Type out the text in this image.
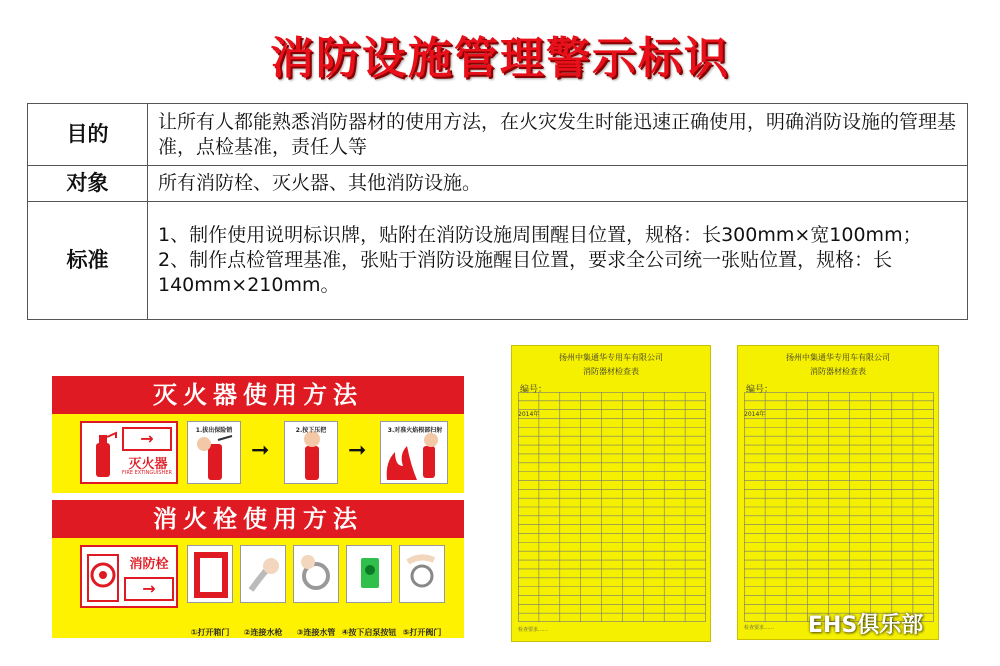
消防设施管理警示标识
目的	让所有人都能熟悉消防器材的使用方法，在火灾发生时能迅速正确使用，明确消防设施的管理基准，点检基准，责任人等
对象	所有消防栓、灭火器、其他消防设施。
标准	1、制作使用说明标识牌，贴附在消防设施周围醒目位置，规格：长300mm×宽100mm；
2、制作点检管理基准，张贴于消防设施醒目位置，要求全公司统一张贴位置，规格：长140mm×210mm。
灭火器使用方法
→
灭火器
FIRE EXTINGUISHER
1.拔出保险销
➞
2.按下压把
➞
3.对准火焰根部扫射
消火栓使用方法
消防栓
→
①打开箱门	②连接水枪	③连接水管 ④按下启泵按钮 ⑤打开阀门
扬州中集通华专用车有限公司
消防器材检查表
编号：
2014年
检查要求……
扬州中集通华专用车有限公司
消防器材检查表
编号：
2014年
检查要求……	EHS俱乐部
